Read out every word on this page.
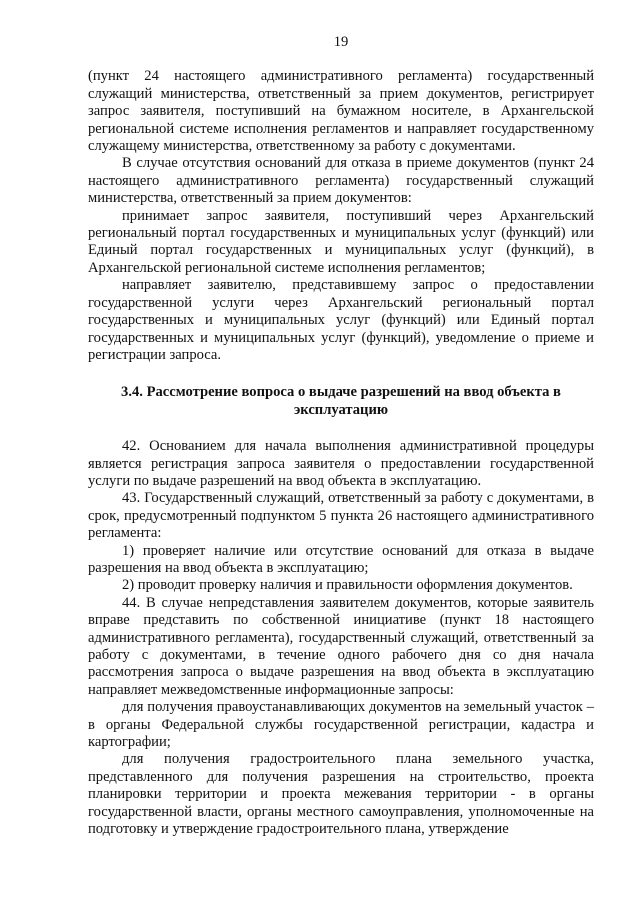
19

(пункт 24 настоящего административного регламента) государственный служащий министерства, ответственный за прием документов, регистрирует запрос заявителя, поступивший на бумажном носителе, в Архангельской региональной системе исполнения регламентов и направляет государственному служащему министерства, ответственному за работу с документами.

В случае отсутствия оснований для отказа в приеме документов (пункт 24 настоящего административного регламента) государственный служащий министерства, ответственный за прием документов:

принимает запрос заявителя, поступивший через Архангельский региональный портал государственных и муниципальных услуг (функций) или Единый портал государственных и муниципальных услуг (функций), в Архангельской региональной системе исполнения регламентов;

направляет заявителю, представившему запрос о предоставлении государственной услуги через Архангельский региональный портал государственных и муниципальных услуг (функций) или Единый портал государственных и муниципальных услуг (функций), уведомление о приеме и регистрации запроса.

3.4. Рассмотрение вопроса о выдаче разрешений на ввод объекта в эксплуатацию

42. Основанием для начала выполнения административной процедуры является регистрация запроса заявителя о предоставлении государственной услуги по выдаче разрешений на ввод объекта в эксплуатацию.

43. Государственный служащий, ответственный за работу с документами, в срок, предусмотренный подпунктом 5 пункта 26 настоящего административного регламента:

1) проверяет наличие или отсутствие оснований для отказа в выдаче разрешения на ввод объекта в эксплуатацию;

2) проводит проверку наличия и правильности оформления документов.

44. В случае непредставления заявителем документов, которые заявитель вправе представить по собственной инициативе (пункт 18 настоящего административного регламента), государственный служащий, ответственный за работу с документами, в течение одного рабочего дня со дня начала рассмотрения запроса о выдаче разрешения на ввод объекта в эксплуатацию направляет межведомственные информационные запросы:

для получения правоустанавливающих документов на земельный участок – в органы Федеральной службы государственной регистрации, кадастра и картографии;

для получения градостроительного плана земельного участка, представленного для получения разрешения на строительство, проекта планировки территории и проекта межевания территории - в органы государственной власти, органы местного самоуправления, уполномоченные на подготовку и утверждение градостроительного плана, утверждение
